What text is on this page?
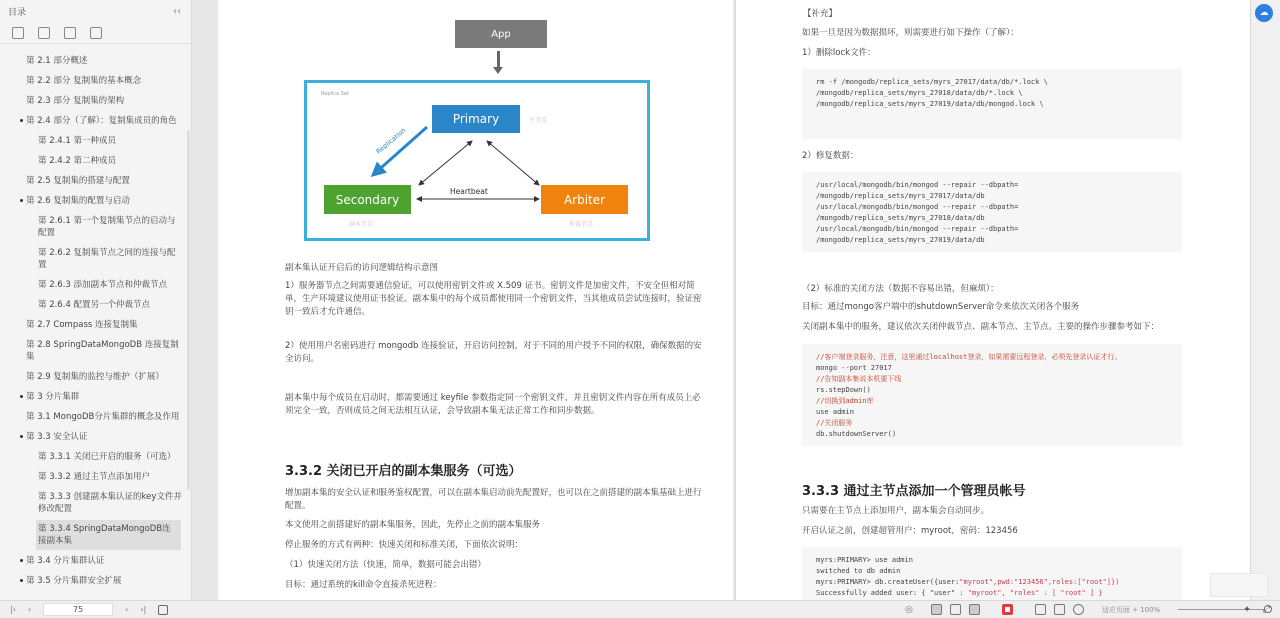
目录	‹‹
第 2.1 部分概述
第 2.2 部分 复制集的基本概念
第 2.3 部分 复制集的架构
第 2.4 部分（了解）：复制集成员的角色
第 2.4.1 第一种成员
第 2.4.2 第二种成员
第 2.5 复制集的搭建与配置
第 2.6 复制集的配置与启动
第 2.6.1 第一个复制集节点的启动与配置
第 2.6.2 复制集节点之间的连接与配置
第 2.6.3 添加副本节点和仲裁节点
第 2.6.4 配置另一个仲裁节点
第 2.7 Compass 连接复制集
第 2.8 SpringDataMongoDB 连接复制集
第 2.9 复制集的监控与维护（扩展）
第 3 分片集群
第 3.1 MongoDB分片集群的概念及作用
第 3.3 安全认证
第 3.3.1 关闭已开启的服务（可选）
第 3.3.2 通过主节点添加用户
第 3.3.3 创建副本集认证的key文件并修改配置
第 3.3.4 SpringDataMongoDB连接副本集
第 3.4 分片集群认证
第 3.5 分片集群安全扩展
App
Replica Set
Primary	主节点
Secondary
副本节点
Arbiter
仲裁节点
Heartbeat
Replication
副本集认证开启后的访问逻辑结构示意图
1）服务器节点之间需要通信验证，可以使用密钥文件或 X.509 证书。密钥文件是加密文件，不安全但相对简单，生产环境建议使用证书验证。副本集中的每个成员都使用同一个密钥文件，当其他成员尝试连接时，验证密钥一致后才允许通信。
2）使用用户名密码进行 mongodb 连接验证，开启访问控制，对于不同的用户授予不同的权限，确保数据的安全访问。
副本集中每个成员在启动时，都需要通过 keyfile 参数指定同一个密钥文件，并且密钥文件内容在所有成员上必须完全一致，否则成员之间无法相互认证，会导致副本集无法正常工作和同步数据。
3.3.2 关闭已开启的副本集服务（可选）
增加副本集的安全认证和服务鉴权配置，可以在副本集启动前先配置好，也可以在之前搭建的副本集基础上进行配置。
本文使用之前搭建好的副本集服务，因此，先停止之前的副本集服务
停止服务的方式有两种：快速关闭和标准关闭，下面依次说明：
（1）快速关闭方法（快速，简单，数据可能会出错）
目标：通过系统的kill命令直接杀死进程：
【补充】
如果一旦是因为数据损坏，则需要进行如下操作（了解）：
1）删除lock文件：
rm -f /mongodb/replica_sets/myrs_27017/data/db/*.lock \
/mongodb/replica_sets/myrs_27018/data/db/*.lock \
/mongodb/replica_sets/myrs_27019/data/db/mongod.lock \
2）修复数据：
/usr/local/mongodb/bin/mongod --repair --dbpath=
/mongodb/replica_sets/myrs_27017/data/db
/usr/local/mongodb/bin/mongod --repair --dbpath=
/mongodb/replica_sets/myrs_27018/data/db
/usr/local/mongodb/bin/mongod --repair --dbpath=
/mongodb/replica_sets/myrs_27019/data/db
（2）标准的关闭方法（数据不容易出错，但麻烦）：
目标：通过mongo客户端中的shutdownServer命令来依次关闭各个服务
关闭副本集中的服务，建议依次关闭仲裁节点、副本节点、主节点。主要的操作步骤参考如下：
//客户端登录服务，注意，这里通过localhost登录，如果需要远程登录，必须先登录认证才行。
mongo --port 27017
//告知副本集说本机要下线
rs.stepDown()
//切换到admin库
use admin
//关闭服务
db.shutdownServer()
3.3.3 通过主节点添加一个管理员帐号
只需要在主节点上添加用户，副本集会自动同步。
开启认证之前，创建超管用户：myroot，密码：123456
myrs:PRIMARY> use admin
switched to db admin
myrs:PRIMARY> db.createUser({user:"myroot",pwd:"123456",roles:["root"]})
Successfully added user: { "user" : "myroot", "roles" : [ "root" ] }
☁
|‹ ‹	75	› ›|	◎	适应页面 + 100%	✦ ⤢
